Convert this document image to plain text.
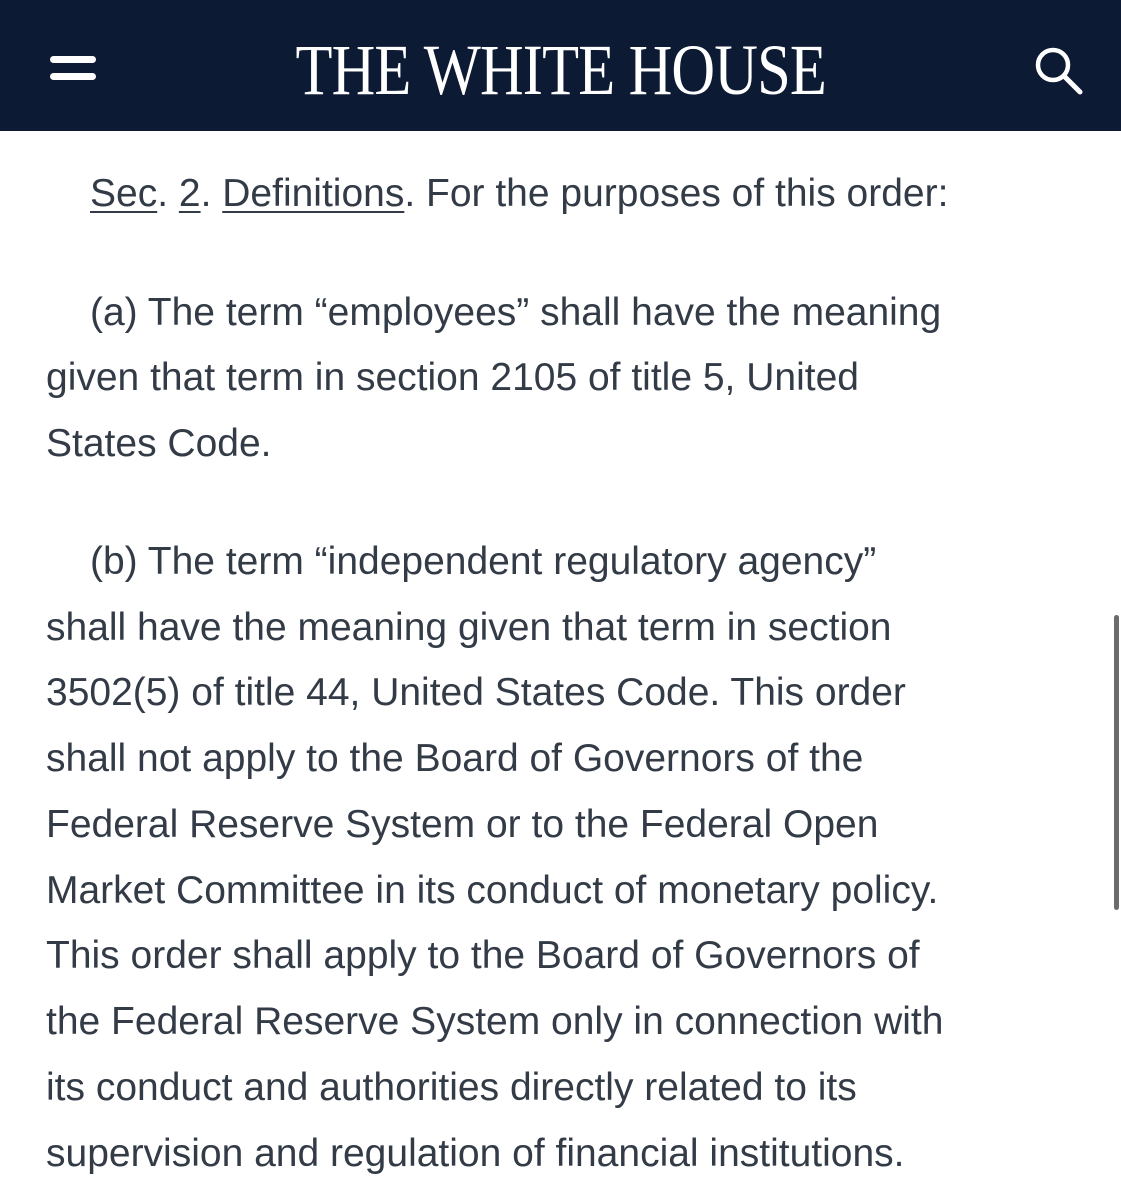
THE WHITE HOUSE
Sec. 2. Definitions. For the purposes of this order:
(a) The term “employees” shall have the meaning
given that term in section 2105 of title 5, United
States Code.
(b) The term “independent regulatory agency”
shall have the meaning given that term in section
3502(5) of title 44, United States Code. This order
shall not apply to the Board of Governors of the
Federal Reserve System or to the Federal Open
Market Committee in its conduct of monetary policy.
This order shall apply to the Board of Governors of
the Federal Reserve System only in connection with
its conduct and authorities directly related to its
supervision and regulation of financial institutions.
